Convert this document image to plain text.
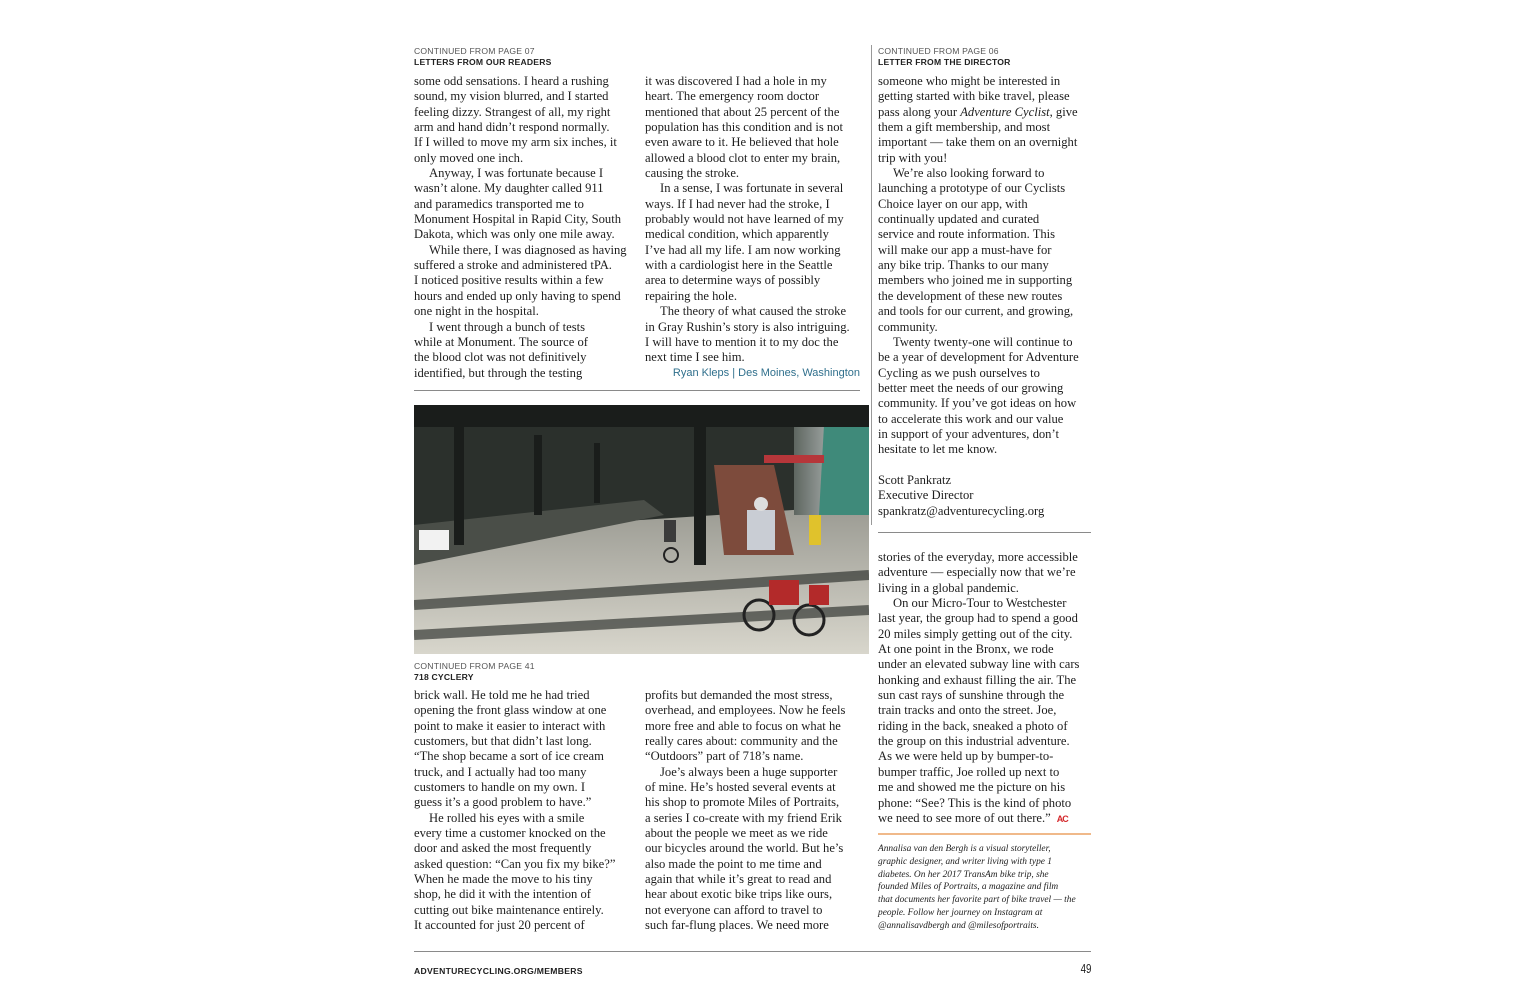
CONTINUED FROM PAGE 07
LETTERS FROM OUR READERS
some odd sensations. I heard a rushing
sound, my vision blurred, and I started
feeling dizzy. Strangest of all, my right
arm and hand didn’t respond normally.
If I willed to move my arm six inches, it
only moved one inch.
Anyway, I was fortunate because I
wasn’t alone. My daughter called 911
and paramedics transported me to
Monument Hospital in Rapid City, South
Dakota, which was only one mile away.
While there, I was diagnosed as having
suffered a stroke and administered tPA.
I noticed positive results within a few
hours and ended up only having to spend
one night in the hospital.
I went through a bunch of tests
while at Monument. The source of
the blood clot was not definitively
identified, but through the testing
it was discovered I had a hole in my
heart. The emergency room doctor
mentioned that about 25 percent of the
population has this condition and is not
even aware to it. He believed that hole
allowed a blood clot to enter my brain,
causing the stroke.
In a sense, I was fortunate in several
ways. If I had never had the stroke, I
probably would not have learned of my
medical condition, which apparently
I’ve had all my life. I am now working
with a cardiologist here in the Seattle
area to determine ways of possibly
repairing the hole.
The theory of what caused the stroke
in Gray Rushin’s story is also intriguing.
I will have to mention it to my doc the
next time I see him.
Ryan Kleps | Des Moines, Washington
CONTINUED FROM PAGE 06
LETTER FROM THE DIRECTOR
someone who might be interested in
getting started with bike travel, please
pass along your Adventure Cyclist, give
them a gift membership, and most
important — take them on an overnight
trip with you!
We’re also looking forward to
launching a prototype of our Cyclists
Choice layer on our app, with
continually updated and curated
service and route information. This
will make our app a must-have for
any bike trip. Thanks to our many
members who joined me in supporting
the development of these new routes
and tools for our current, and growing,
community.
Twenty twenty-one will continue to
be a year of development for Adventure
Cycling as we push ourselves to
better meet the needs of our growing
community. If you’ve got ideas on how
to accelerate this work and our value
in support of your adventures, don’t
hesitate to let me know.
Scott Pankratz
Executive Director
spankratz@adventurecycling.org
CONTINUED FROM PAGE 41
718 CYCLERY
brick wall. He told me he had tried
opening the front glass window at one
point to make it easier to interact with
customers, but that didn’t last long.
“The shop became a sort of ice cream
truck, and I actually had too many
customers to handle on my own. I
guess it’s a good problem to have.”
He rolled his eyes with a smile
every time a customer knocked on the
door and asked the most frequently
asked question: “Can you fix my bike?”
When he made the move to his tiny
shop, he did it with the intention of
cutting out bike maintenance entirely.
It accounted for just 20 percent of
profits but demanded the most stress,
overhead, and employees. Now he feels
more free and able to focus on what he
really cares about: community and the
“Outdoors” part of 718’s name.
Joe’s always been a huge supporter
of mine. He’s hosted several events at
his shop to promote Miles of Portraits,
a series I co-create with my friend Erik
about the people we meet as we ride
our bicycles around the world. But he’s
also made the point to me time and
again that while it’s great to read and
hear about exotic bike trips like ours,
not everyone can afford to travel to
such far-flung places. We need more
stories of the everyday, more accessible
adventure — especially now that we’re
living in a global pandemic.
On our Micro-Tour to Westchester
last year, the group had to spend a good
20 miles simply getting out of the city.
At one point in the Bronx, we rode
under an elevated subway line with cars
honking and exhaust filling the air. The
sun cast rays of sunshine through the
train tracks and onto the street. Joe,
riding in the back, sneaked a photo of
the group on this industrial adventure.
As we were held up by bumper-to-
bumper traffic, Joe rolled up next to
me and showed me the picture on his
phone: “See? This is the kind of photo
we need to see more of out there.” AC
Annalisa van den Bergh is a visual storyteller,
graphic designer, and writer living with type 1
diabetes. On her 2017 TransAm bike trip, she
founded Miles of Portraits, a magazine and film
that documents her favorite part of bike travel — the
people. Follow her journey on Instagram at
@annalisavdbergh and @milesofportraits.
ADVENTURECYCLING.ORG/MEMBERS	49
